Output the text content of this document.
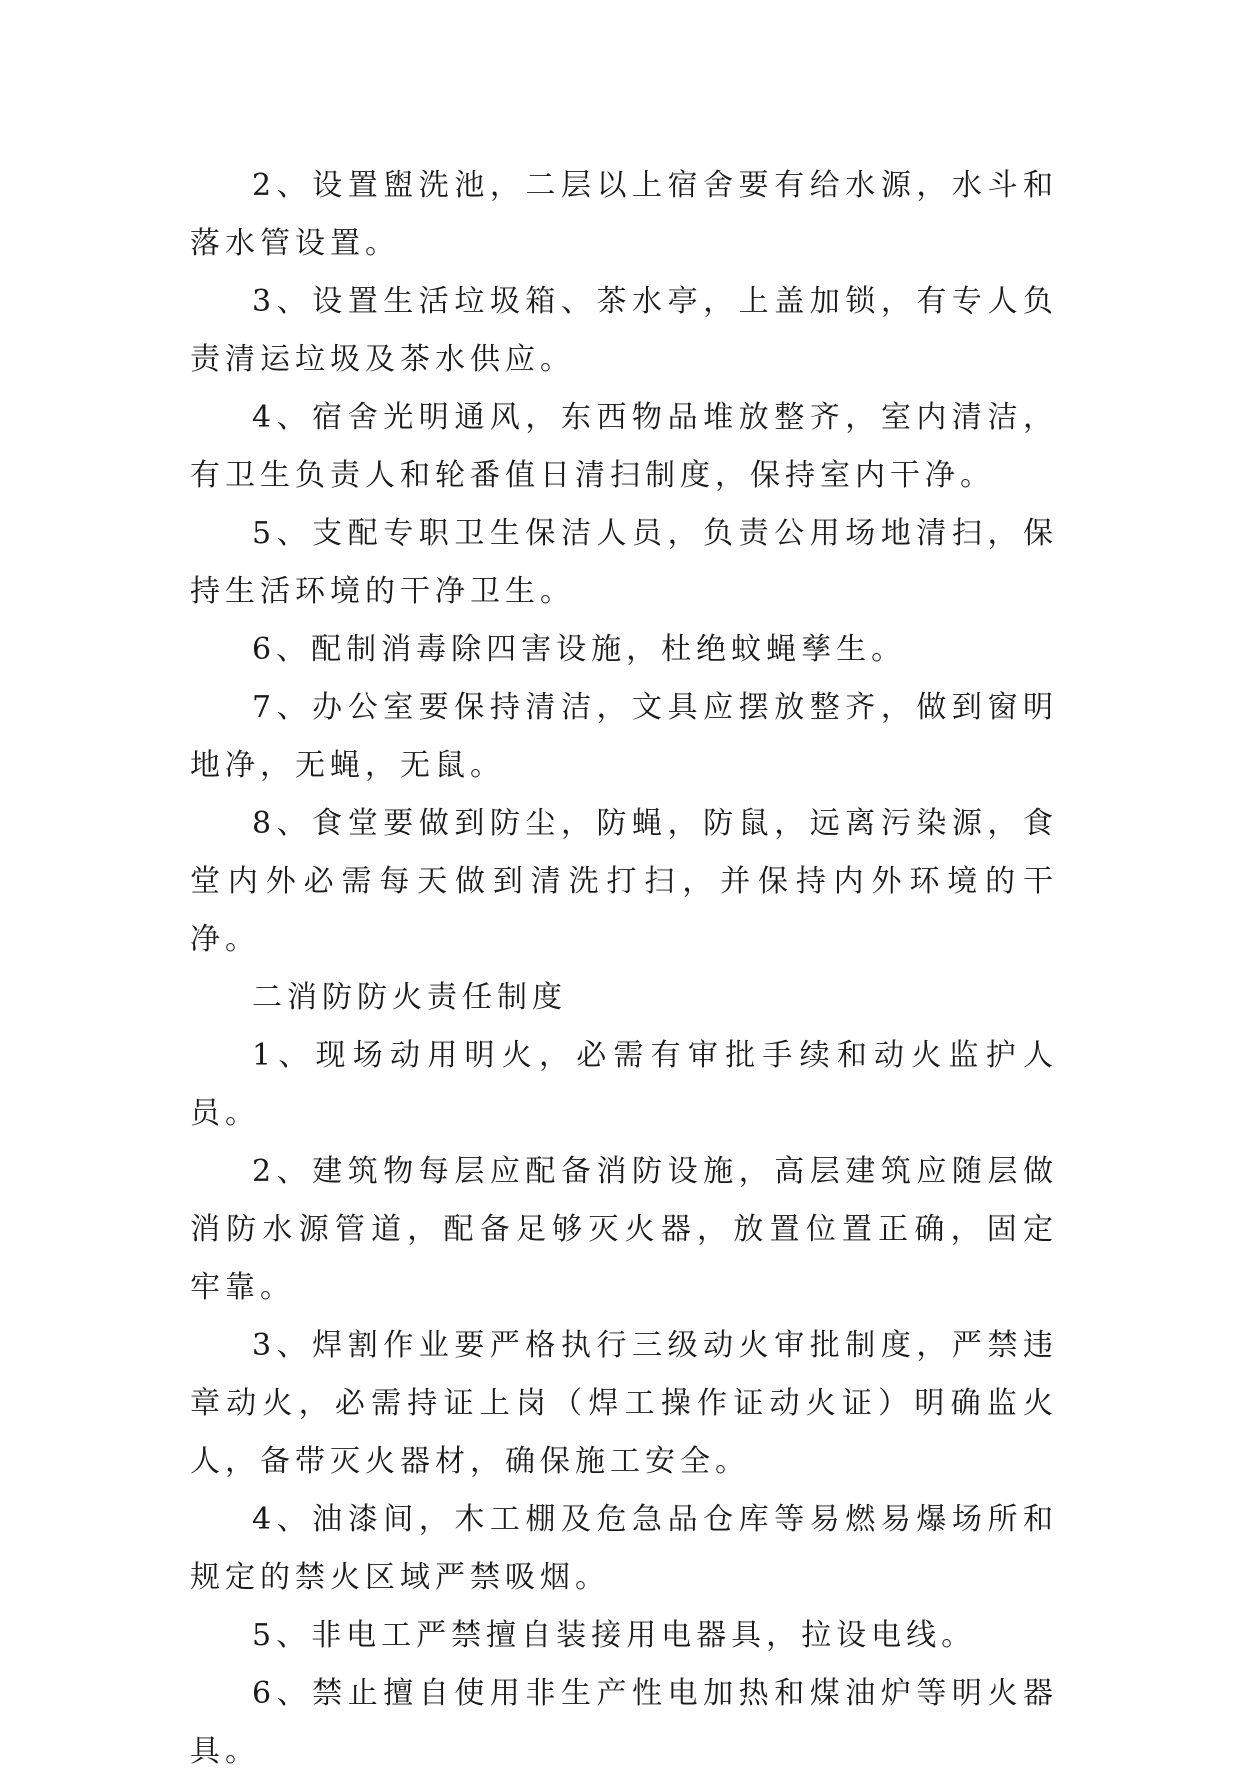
2、设置盥洗池，二层以上宿舍要有给水源，水斗和落水管设置。

3、设置生活垃圾箱、茶水亭，上盖加锁，有专人负责清运垃圾及茶水供应。

4、宿舍光明通风，东西物品堆放整齐，室内清洁，有卫生负责人和轮番值日清扫制度，保持室内干净。

5、支配专职卫生保洁人员，负责公用场地清扫，保持生活环境的干净卫生。

6、配制消毒除四害设施，杜绝蚊蝇孳生。

7、办公室要保持清洁，文具应摆放整齐，做到窗明地净，无蝇，无鼠。

8、食堂要做到防尘，防蝇，防鼠，远离污染源，食堂内外必需每天做到清洗打扫，并保持内外环境的干净。

二消防防火责任制度

1、现场动用明火，必需有审批手续和动火监护人员。

2、建筑物每层应配备消防设施，高层建筑应随层做消防水源管道，配备足够灭火器，放置位置正确，固定牢靠。

3、焊割作业要严格执行三级动火审批制度，严禁违章动火，必需持证上岗（焊工操作证动火证）明确监火人，备带灭火器材，确保施工安全。

4、油漆间，木工棚及危急品仓库等易燃易爆场所和规定的禁火区域严禁吸烟。

5、非电工严禁擅自装接用电器具，拉设电线。

6、禁止擅自使用非生产性电加热和煤油炉等明火器具。
